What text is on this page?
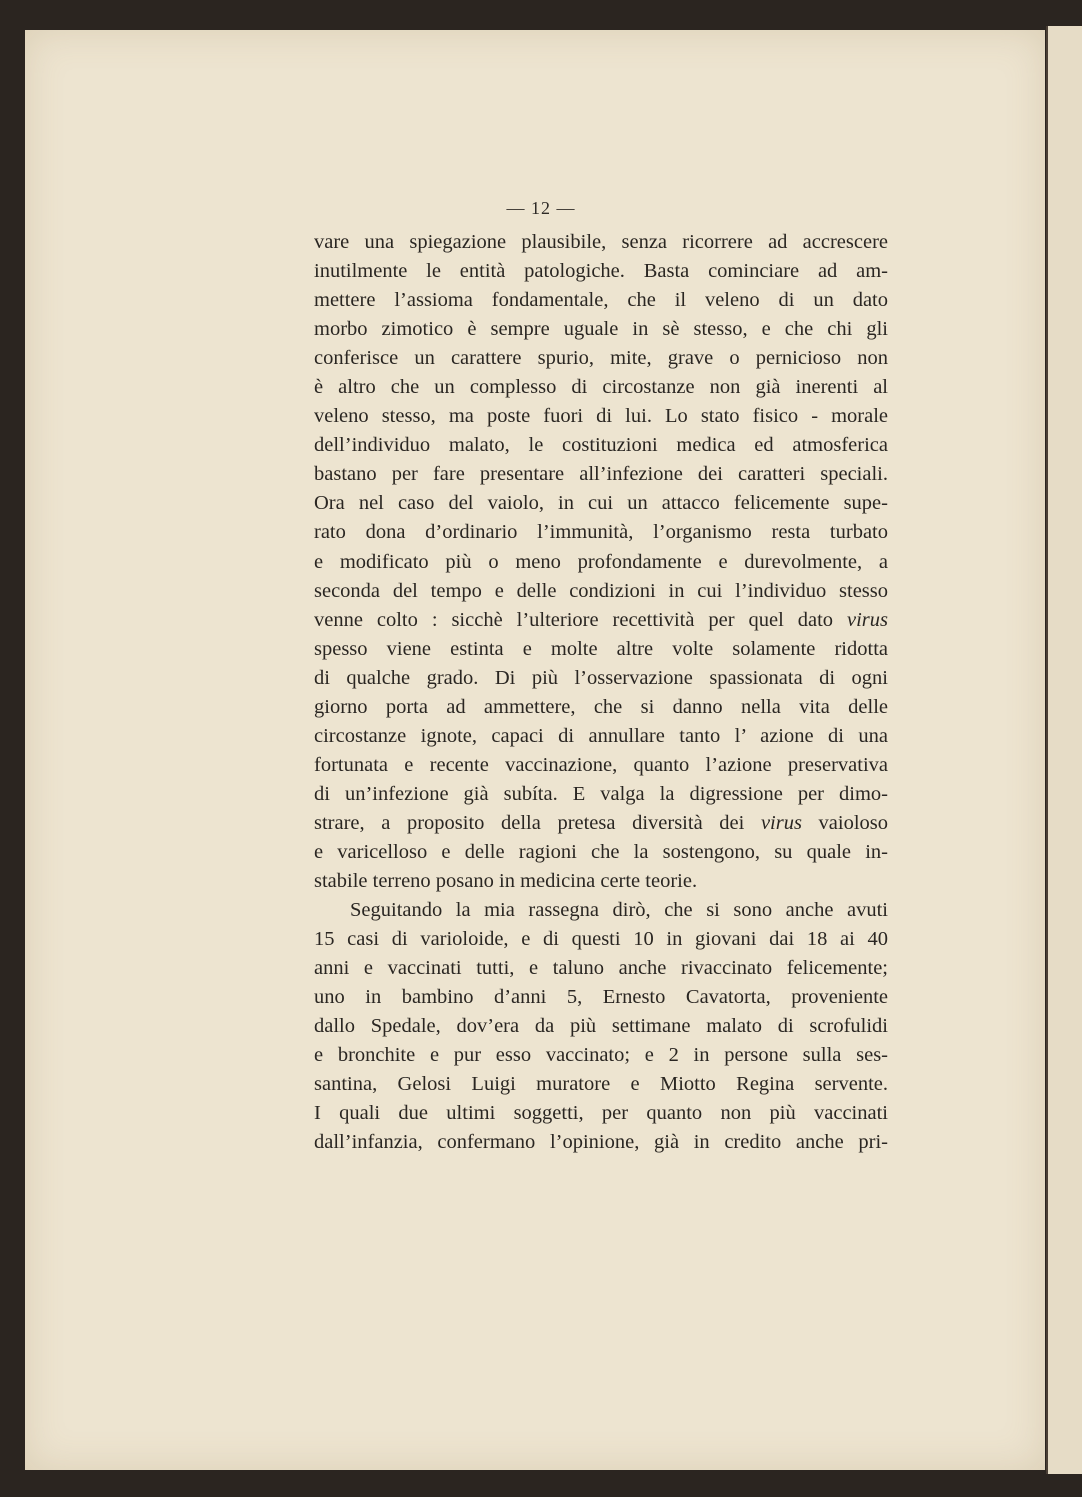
— 12 —
vare una spiegazione plausibile, senza ricorrere ad accrescere
inutilmente le entità patologiche. Basta cominciare ad am-
mettere l’assioma fondamentale, che il veleno di un dato
morbo zimotico è sempre uguale in sè stesso, e che chi gli
conferisce un carattere spurio, mite, grave o pernicioso non
è altro che un complesso di circostanze non già inerenti al
veleno stesso, ma poste fuori di lui. Lo stato fisico - morale
dell’individuo malato, le costituzioni medica ed atmosferica
bastano per fare presentare all’infezione dei caratteri speciali.
Ora nel caso del vaiolo, in cui un attacco felicemente supe-
rato dona d’ordinario l’immunità, l’organismo resta turbato
e modificato più o meno profondamente e durevolmente, a
seconda del tempo e delle condizioni in cui l’individuo stesso
venne colto : sicchè l’ulteriore recettività per quel dato virus
spesso viene estinta e molte altre volte solamente ridotta
di qualche grado. Di più l’osservazione spassionata di ogni
giorno porta ad ammettere, che si danno nella vita delle
circostanze ignote, capaci di annullare tanto l’ azione di una
fortunata e recente vaccinazione, quanto l’azione preservativa
di un’infezione già subíta. E valga la digressione per dimo-
strare, a proposito della pretesa diversità dei virus vaioloso
e varicelloso e delle ragioni che la sostengono, su quale in-
stabile terreno posano in medicina certe teorie.
Seguitando la mia rassegna dirò, che si sono anche avuti
15 casi di varioloide, e di questi 10 in giovani dai 18 ai 40
anni e vaccinati tutti, e taluno anche rivaccinato felicemente;
uno in bambino d’anni 5, Ernesto Cavatorta, proveniente
dallo Spedale, dov’era da più settimane malato di scrofulidi
e bronchite e pur esso vaccinato; e 2 in persone sulla ses-
santina, Gelosi Luigi muratore e Miotto Regina servente.
I quali due ultimi soggetti, per quanto non più vaccinati
dall’infanzia, confermano l’opinione, già in credito anche pri-
